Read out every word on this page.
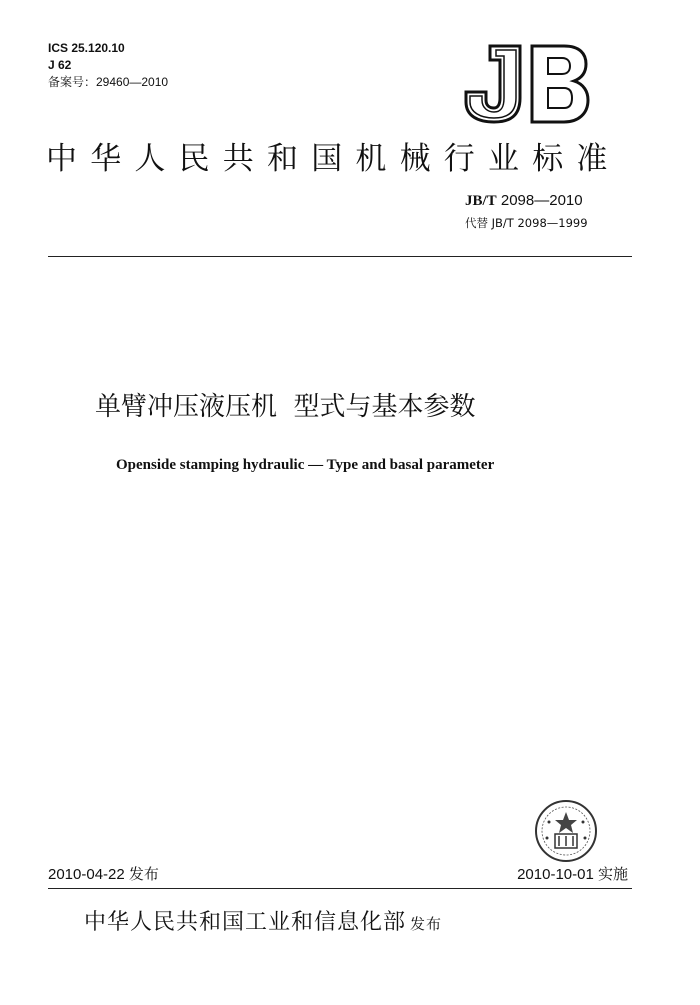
ICS 25.120.10
J 62
备案号：29460—2010
中华人民共和国机械行业标准
JB/T 2098—2010
代替 JB/T 2098—1999
单臂冲压液压机  型式与基本参数
Openside stamping hydraulic — Type and basal parameter
2010-04-22 发布	2010-10-01 实施
中华人民共和国工业和信息化部 发布
